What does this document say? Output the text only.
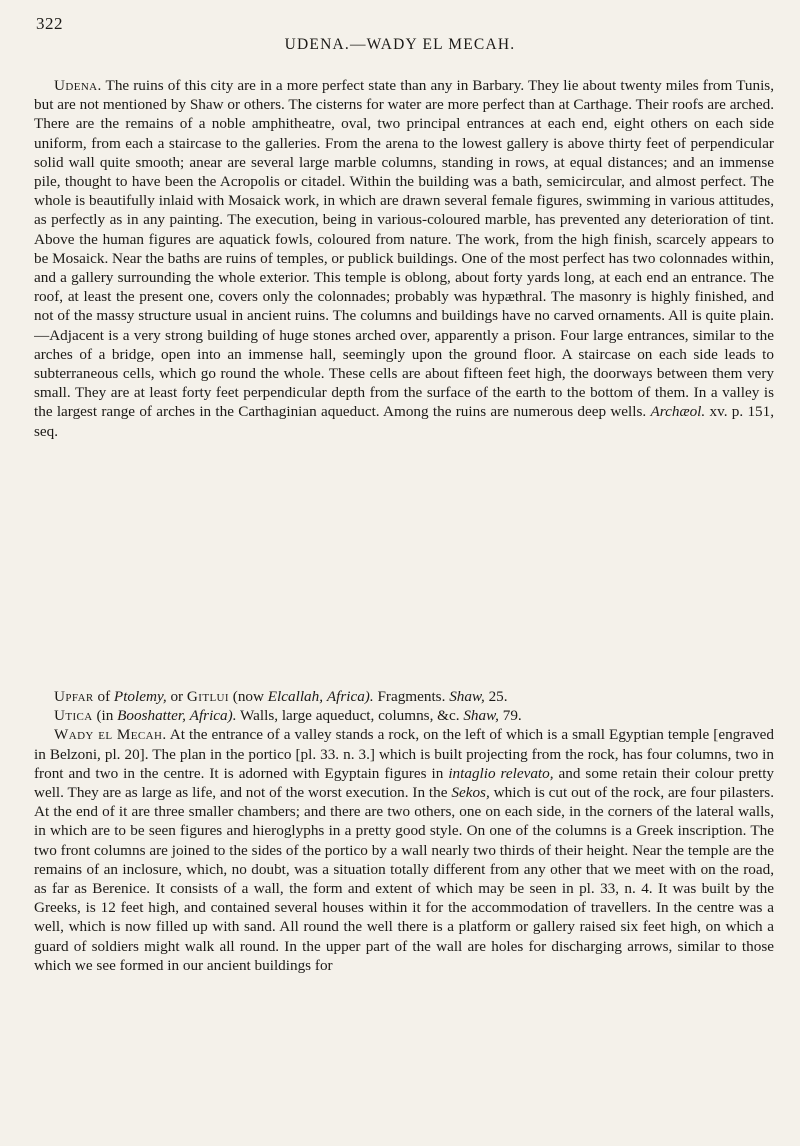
322
UDENA.—WADY EL MECAH.

Udena. The ruins of this city are in a more perfect state than any in Barbary. They lie about twenty miles from Tunis, but are not mentioned by Shaw or others. The cisterns for water are more perfect than at Carthage. Their roofs are arched. There are the remains of a noble amphitheatre, oval, two principal entrances at each end, eight others on each side uniform, from each a staircase to the galleries. From the arena to the lowest gallery is above thirty feet of perpendicular solid wall quite smooth; anear are several large marble columns, standing in rows, at equal distances; and an immense pile, thought to have been the Acropolis or citadel. Within the building was a bath, semicircular, and almost perfect. The whole is beautifully inlaid with Mosaick work, in which are drawn several female figures, swimming in various attitudes, as perfectly as in any painting. The execution, being in various-coloured marble, has prevented any deterioration of tint. Above the human figures are aquatick fowls, coloured from nature. The work, from the high finish, scarcely appears to be Mosaick. Near the baths are ruins of temples, or publick buildings. One of the most perfect has two colonnades within, and a gallery surrounding the whole exterior. This temple is oblong, about forty yards long, at each end an entrance. The roof, at least the present one, covers only the colonnades; probably was hypæthral. The masonry is highly finished, and not of the massy structure usual in ancient ruins. The columns and buildings have no carved ornaments. All is quite plain.—Adjacent is a very strong building of huge stones arched over, apparently a prison. Four large entrances, similar to the arches of a bridge, open into an immense hall, seemingly upon the ground floor. A staircase on each side leads to subterraneous cells, which go round the whole. These cells are about fifteen feet high, the doorways between them very small. They are at least forty feet perpendicular depth from the surface of the earth to the bottom of them. In a valley is the largest range of arches in the Carthaginian aqueduct. Among the ruins are numerous deep wells. Archæol. xv. p. 151, seq.

Upfar of Ptolemy, or Gitlui (now Elcallah, Africa). Fragments. Shaw, 25.

Utica (in Booshatter, Africa). Walls, large aqueduct, columns, &c. Shaw, 79.

Wady el Mecah. At the entrance of a valley stands a rock, on the left of which is a small Egyptian temple [engraved in Belzoni, pl. 20]. The plan in the portico [pl. 33. n. 3.] which is built projecting from the rock, has four columns, two in front and two in the centre. It is adorned with Egyptain figures in intaglio relevato, and some retain their colour pretty well. They are as large as life, and not of the worst execution. In the Sekos, which is cut out of the rock, are four pilasters. At the end of it are three smaller chambers; and there are two others, one on each side, in the corners of the lateral walls, in which are to be seen figures and hieroglyphs in a pretty good style. On one of the columns is a Greek inscription. The two front columns are joined to the sides of the portico by a wall nearly two thirds of their height. Near the temple are the remains of an inclosure, which, no doubt, was a situation totally different from any other that we meet with on the road, as far as Berenice. It consists of a wall, the form and extent of which may be seen in pl. 33, n. 4. It was built by the Greeks, is 12 feet high, and contained several houses within it for the accommodation of travellers. In the centre was a well, which is now filled up with sand. All round the well there is a platform or gallery raised six feet high, on which a guard of soldiers might walk all round. In the upper part of the wall are holes for discharging arrows, similar to those which we see formed in our ancient buildings for
